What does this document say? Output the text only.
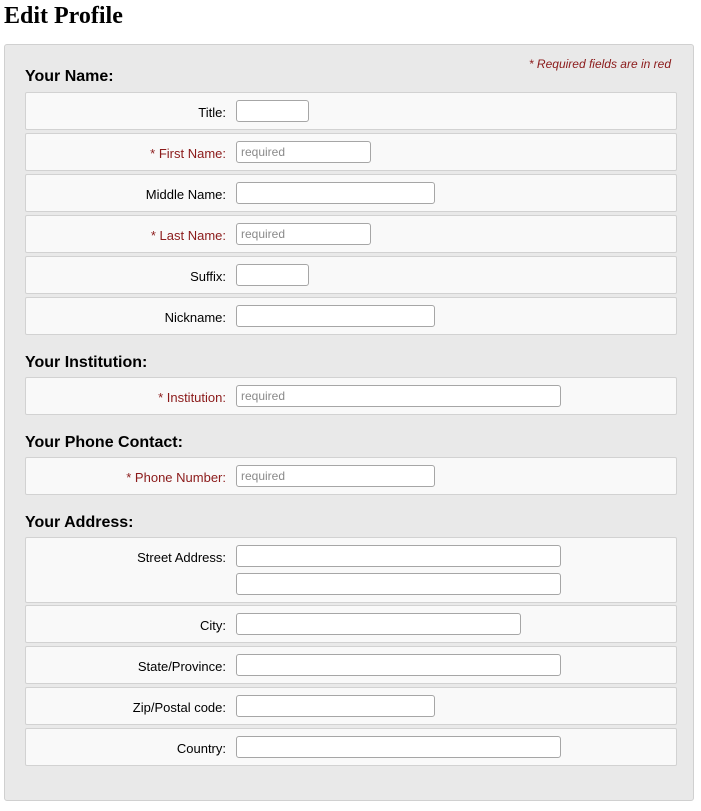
Edit Profile

* Required fields are in red

Your Name:
Title:
* First Name:
required
Middle Name:
* Last Name:
required
Suffix:
Nickname:
Your Institution:
* Institution:
required
Your Phone Contact:
* Phone Number:
required
Your Address:
Street Address:
City:
State/Province:
Zip/Postal code:
Country:
